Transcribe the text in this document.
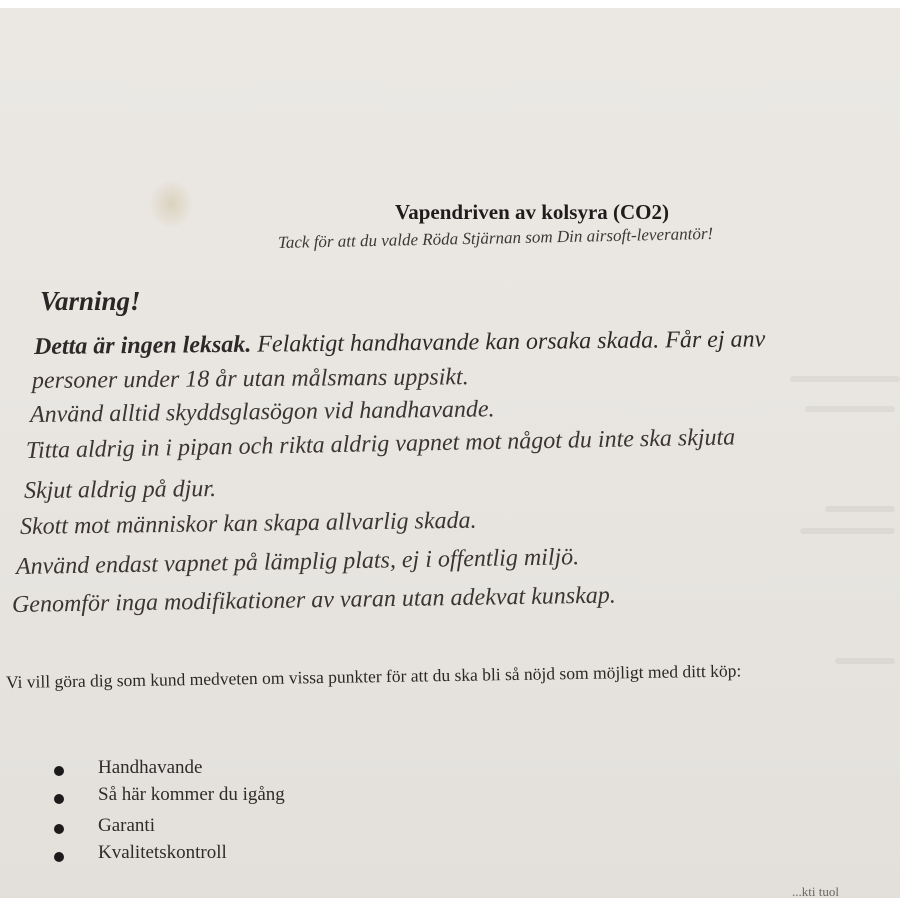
Vapendriven av kolsyra (CO2)
Tack för att du valde Röda Stjärnan som Din airsoft-leverantör!
Varning!
Detta är ingen leksak. Felaktigt handhavande kan orsaka skada. Får ej anv
personer under 18 år utan målsmans uppsikt.
Använd alltid skyddsglasögon vid handhavande.
Titta aldrig in i pipan och rikta aldrig vapnet mot något du inte ska skjuta
Skjut aldrig på djur.
Skott mot människor kan skapa allvarlig skada.
Använd endast vapnet på lämplig plats, ej i offentlig miljö.
Genomför inga modifikationer av varan utan adekvat kunskap.
Vi vill göra dig som kund medveten om vissa punkter för att du ska bli så nöjd som möjligt med ditt köp:
Handhavande
Så här kommer du igång
Garanti
Kvalitetskontroll
...kti tuol
